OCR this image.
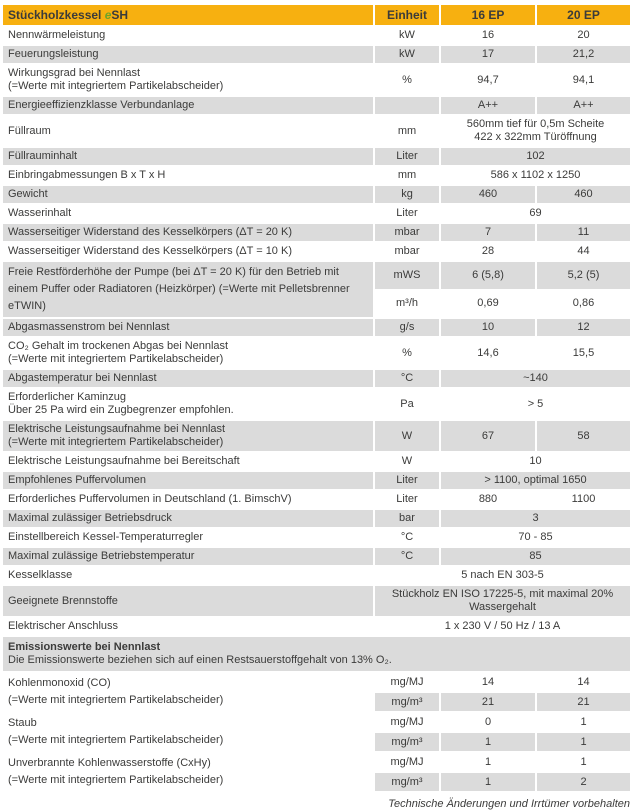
Stückholzkessel eSH	Einheit	16 EP	20 EP
Nennwärmeleistung	kW	16	20
Feuerungsleistung	kW	17	21,2

Wirkungsgrad bei Nennlast
(=Werte mit integriertem Partikelabscheider)	%	94,7	94,1
Energieeffizienzklasse Verbundanlage		A++	A++
Füllraum	mm	560mm tief für 0,5m Scheite
422 x 322mm Türöffnung	

Füllrauminhalt	Liter	102	
Einbringabmessungen B x T x H	mm	586 x 1102 x 1250	
Gewicht	kg	460	460
Wasserinhalt	Liter	69	
Wasserseitiger Widerstand des Kesselkörpers (ΔT = 20 K)	mbar	7	11
Wasserseitiger Widerstand des Kesselkörpers (ΔT = 10 K)	mbar	28	44
Freie Restförderhöhe der Pumpe (bei ΔT = 20 K) für den Betrieb mit einem Puffer oder Radiatoren (Heizkörper) (=Werte mit Pelletsbrenner eTWIN)	mWS	6 (5,8)	5,2 (5)
	m³/h	0,69	0,86
Abgasmassenstrom bei Nennlast	g/s	10	12

CO₂ Gehalt im trockenen Abgas bei Nennlast
(=Werte mit integriertem Partikelabscheider)	%	14,6	15,5
Abgastemperatur bei Nennlast	°C	~140	

Erforderlicher Kaminzug
Über 25 Pa wird ein Zugbegrenzer empfohlen.	Pa	> 5	

Elektrische Leistungsaufnahme bei Nennlast
(=Werte mit integriertem Partikelabscheider)	W	67	58
Elektrische Leistungsaufnahme bei Bereitschaft	W	10	
Empfohlenes Puffervolumen	Liter	> 1100, optimal 1650	
Erforderliches Puffervolumen in Deutschland (1. BimschV)	Liter	880	1100
Maximal zulässiger Betriebsdruck	bar	3	
Einstellbereich Kessel-Temperaturregler	°C	70 - 85	
Maximal zulässige Betriebstemperatur	°C	85	
Kesselklasse	5 nach EN 303-5		
Geeignete Brennstoffe	Stückholz EN ISO 17225-5, mit maximal 20% Wassergehalt		

Elektrischer Anschluss	1 x 230 V / 50 Hz / 13 A		

Emissionswerte bei Nennlast
Die Emissionswerte beziehen sich auf einen Restsauerstoffgehalt von 13% O₂.			

Kohlenmonoxid (CO)
(=Werte mit integriertem Partikelabscheider)	mg/MJ	14	14
	mg/m³	21	21

Staub
(=Werte mit integriertem Partikelabscheider)	mg/MJ	0	1
	mg/m³	1	1

Unverbrannte Kohlenwasserstoffe (CxHy)
(=Werte mit integriertem Partikelabscheider)	mg/MJ	1	1
	mg/m³	1	2
Technische Änderungen und Irrtümer vorbehalten
